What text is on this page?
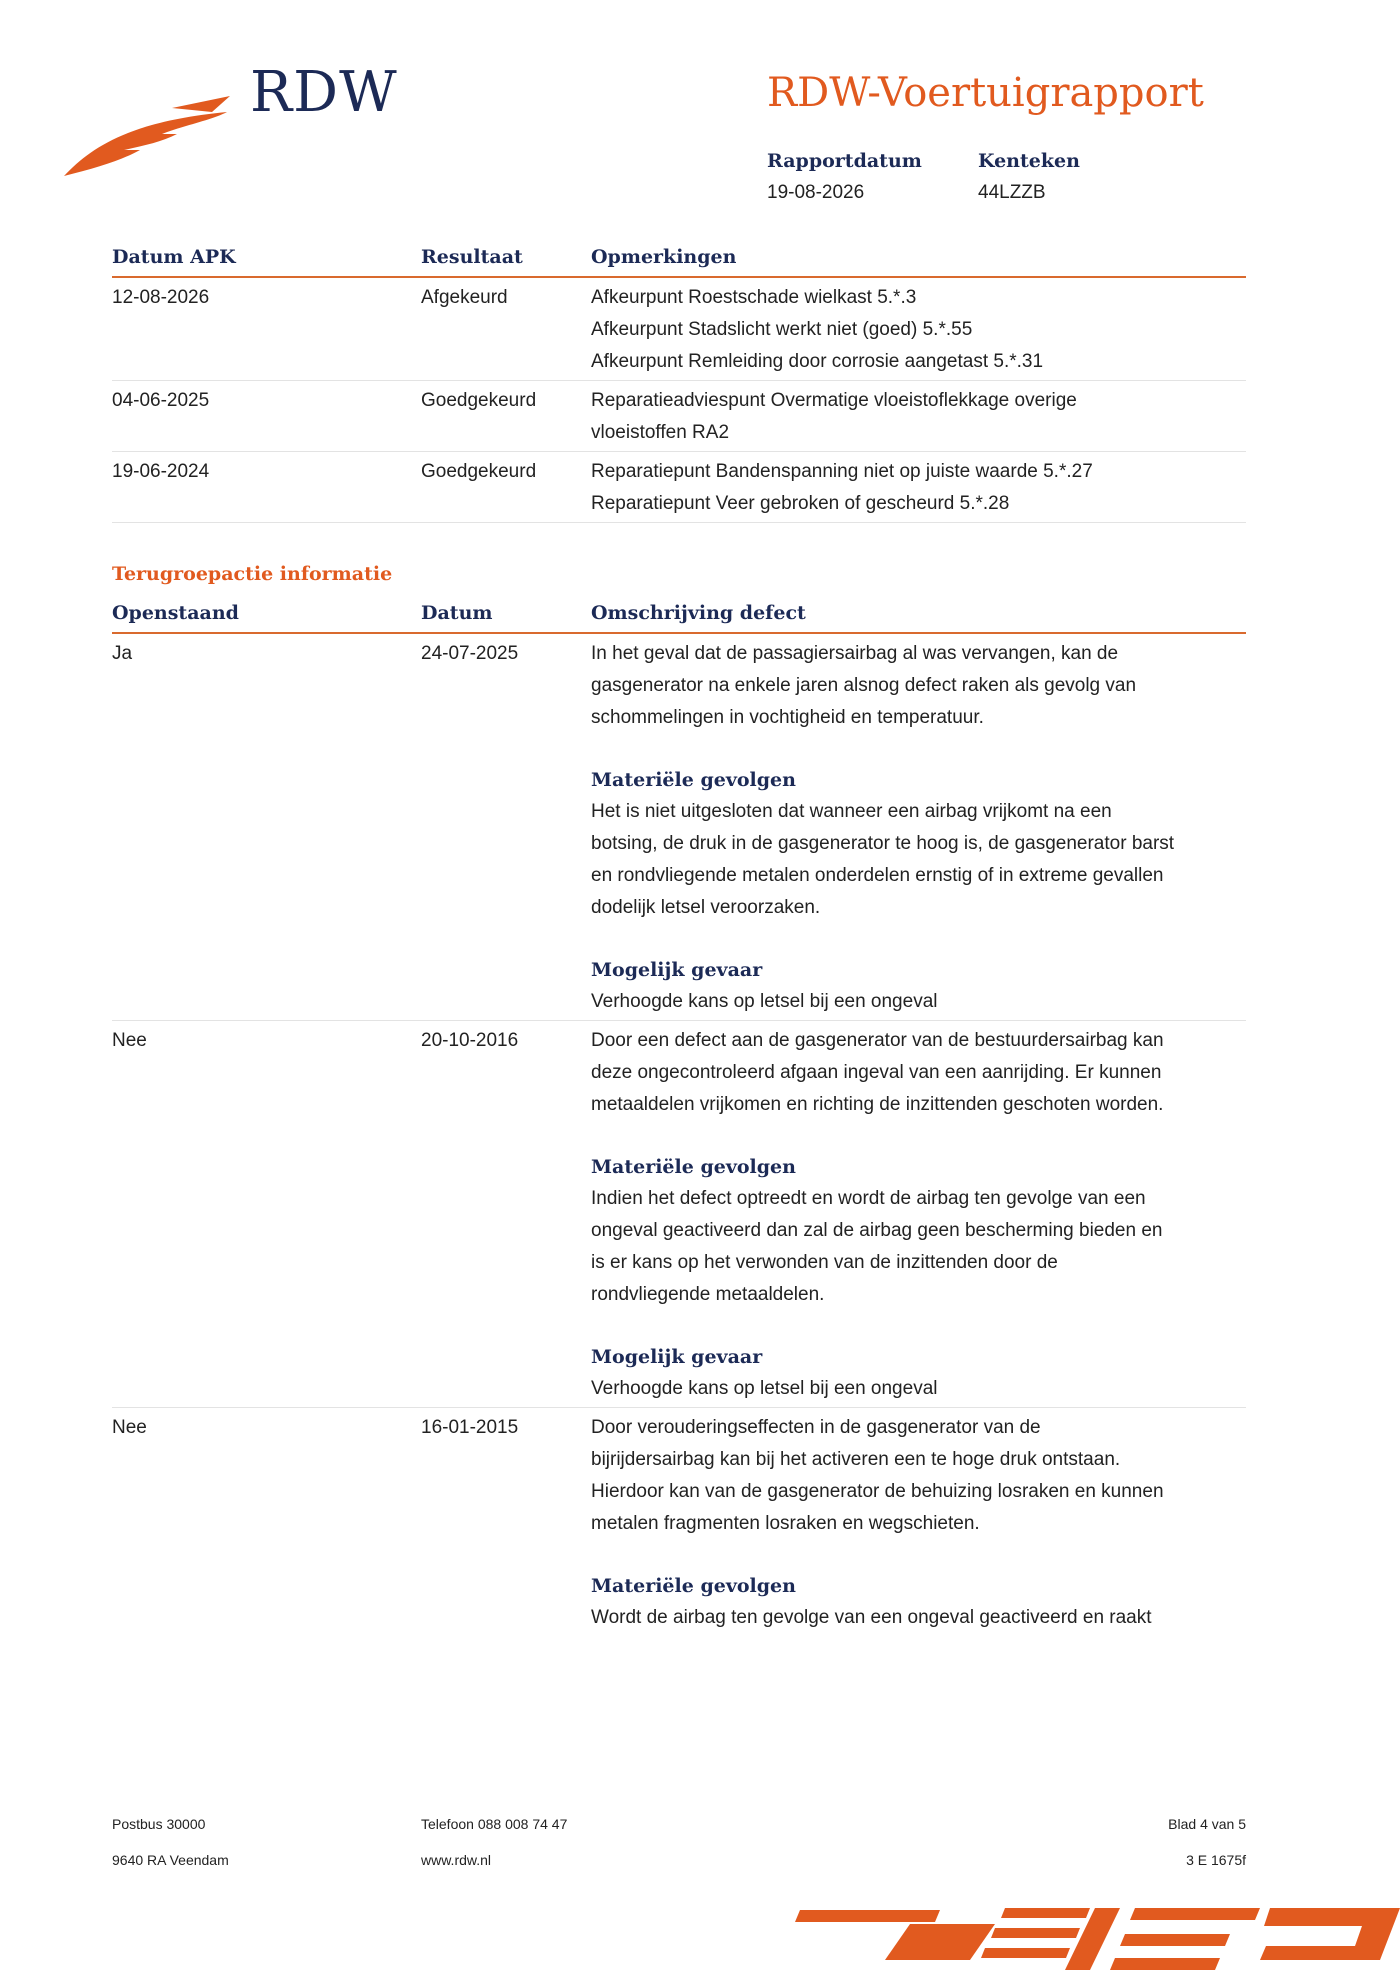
RDW	RDW-Voertuigrapport
Rapportdatum
19-08-2026
Kenteken
44LZZB
Datum APK	Resultaat	Opmerkingen
12-08-2026	Afgekeurd	Afkeurpunt Roestschade wielkast 5.*.3
Afkeurpunt Stadslicht werkt niet (goed) 5.*.55
Afkeurpunt Remleiding door corrosie aangetast 5.*.31
04-06-2025	Goedgekeurd	Reparatieadviespunt Overmatige vloeistoflekkage overige
vloeistoffen RA2
19-06-2024	Goedgekeurd	Reparatiepunt Bandenspanning niet op juiste waarde 5.*.27
Reparatiepunt Veer gebroken of gescheurd 5.*.28
Terugroepactie informatie
Openstaand	Datum	Omschrijving defect
Ja	24-07-2025	In het geval dat de passagiersairbag al was vervangen, kan de
gasgenerator na enkele jaren alsnog defect raken als gevolg van
schommelingen in vochtigheid en temperatuur.
Materiële gevolgen
Het is niet uitgesloten dat wanneer een airbag vrijkomt na een
botsing, de druk in de gasgenerator te hoog is, de gasgenerator barst
en rondvliegende metalen onderdelen ernstig of in extreme gevallen
dodelijk letsel veroorzaken.
Mogelijk gevaar
Verhoogde kans op letsel bij een ongeval
Nee	20-10-2016	Door een defect aan de gasgenerator van de bestuurdersairbag kan
deze ongecontroleerd afgaan ingeval van een aanrijding. Er kunnen
metaaldelen vrijkomen en richting de inzittenden geschoten worden.
Materiële gevolgen
Indien het defect optreedt en wordt de airbag ten gevolge van een
ongeval geactiveerd dan zal de airbag geen bescherming bieden en
is er kans op het verwonden van de inzittenden door de
rondvliegende metaaldelen.
Mogelijk gevaar
Verhoogde kans op letsel bij een ongeval
Nee	16-01-2015	Door verouderingseffecten in de gasgenerator van de
bijrijdersairbag kan bij het activeren een te hoge druk ontstaan.
Hierdoor kan van de gasgenerator de behuizing losraken en kunnen
metalen fragmenten losraken en wegschieten.
Materiële gevolgen
Wordt de airbag ten gevolge van een ongeval geactiveerd en raakt
Postbus 30000
9640 RA Veendam
Telefoon 088 008 74 47
www.rdw.nl
Blad 4 van 5
3 E 1675f
